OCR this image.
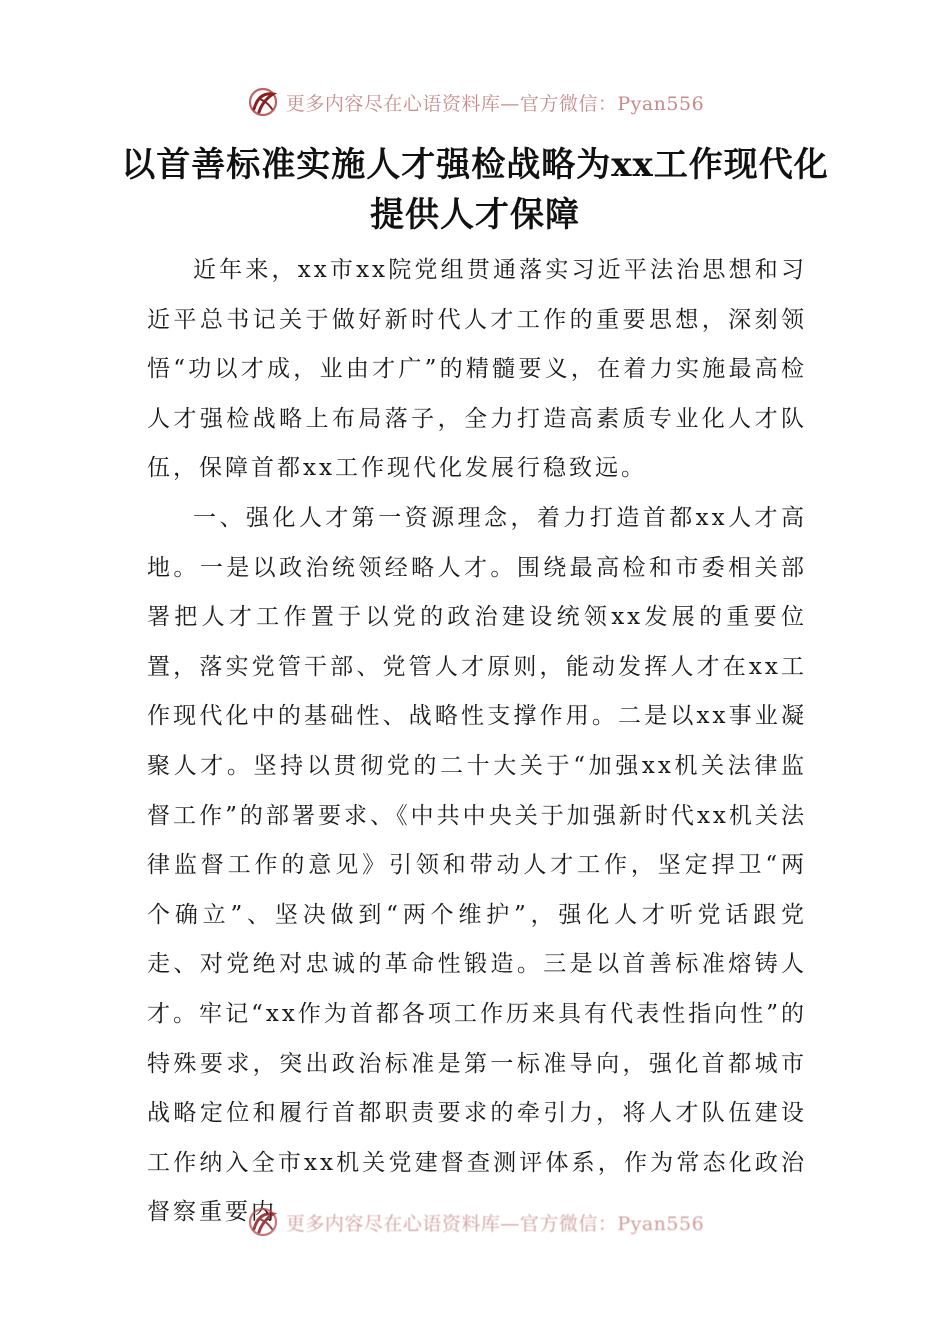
更多内容尽在心语资料库—官方微信：Pyan556
以首善标准实施人才强检战略为xx工作现代化提供人才保障

近年来，xx市xx院党组贯通落实习近平法治思想和习近平总书记关于做好新时代人才工作的重要思想，深刻领悟“功以才成，业由才广”的精髓要义，在着力实施最高检人才强检战略上布局落子，全力打造高素质专业化人才队伍，保障首都xx工作现代化发展行稳致远。

一、强化人才第一资源理念，着力打造首都xx人才高地。一是以政治统领经略人才。围绕最高检和市委相关部署把人才工作置于以党的政治建设统领xx发展的重要位置，落实党管干部、党管人才原则，能动发挥人才在xx工作现代化中的基础性、战略性支撑作用。二是以xx事业凝聚人才。坚持以贯彻党的二十大关于“加强xx机关法律监督工作”的部署要求、《中共中央关于加强新时代xx机关法律监督工作的意见》引领和带动人才工作，坚定捍卫“两个确立”、坚决做到“两个维护”，强化人才听党话跟党走、对党绝对忠诚的革命性锻造。三是以首善标准熔铸人才。牢记“xx作为首都各项工作历来具有代表性指向性”的特殊要求，突出政治标准是第一标准导向，强化首都城市战略定位和履行首都职责要求的牵引力，将人才队伍建设工作纳入全市xx机关党建督查测评体系，作为常态化政治督察重要内 更多内容尽在心语资料库—官方微信：Pyan556
